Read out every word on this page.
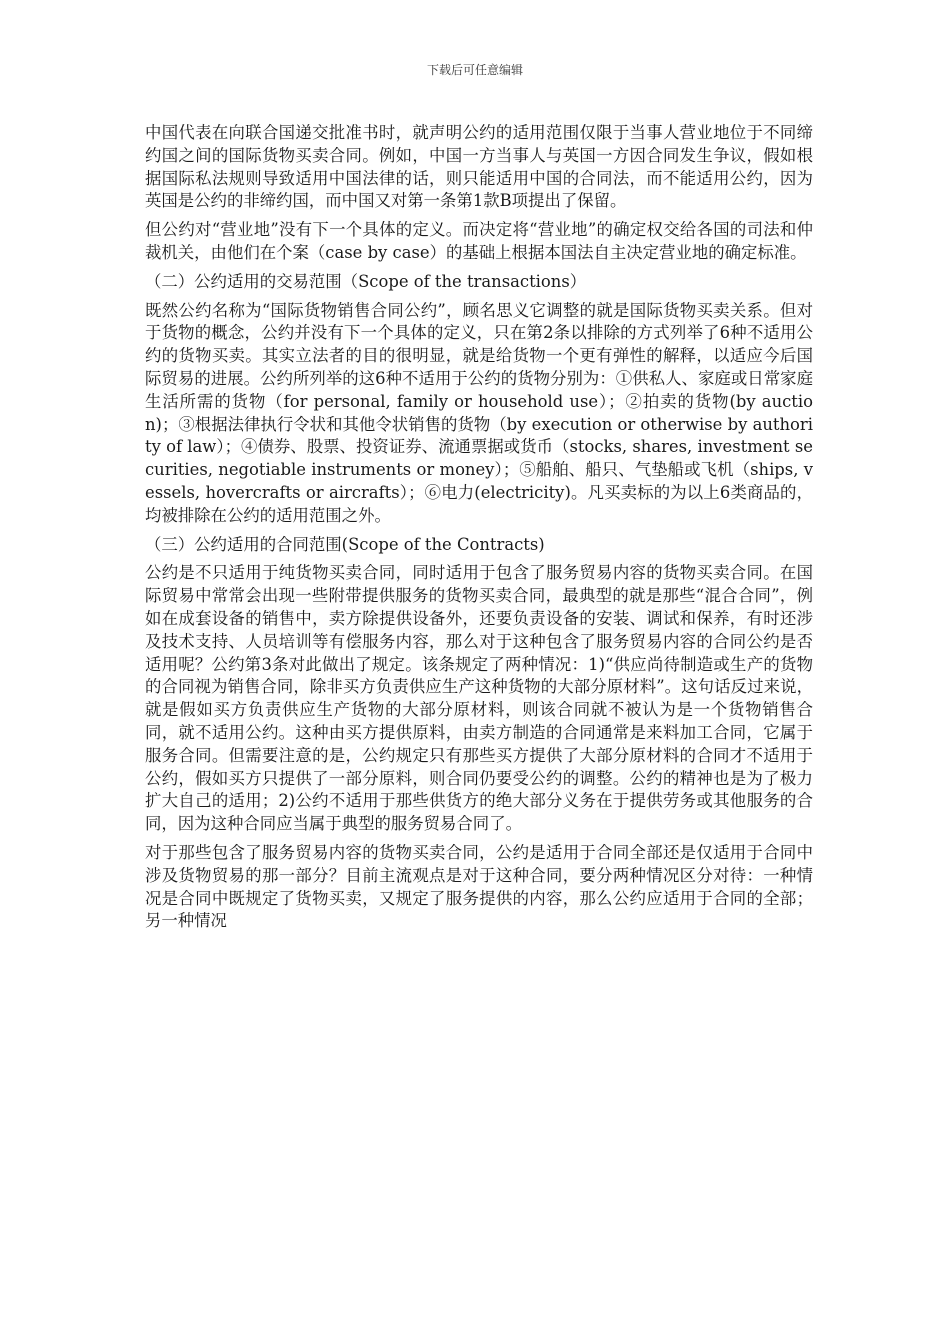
下载后可任意编辑

中国代表在向联合国递交批准书时，就声明公约的适用范围仅限于当事人营业地位于不同缔约国之间的国际货物买卖合同。例如，中国一方当事人与英国一方因合同发生争议，假如根据国际私法规则导致适用中国法律的话，则只能适用中国的合同法，而不能适用公约，因为英国是公约的非缔约国，而中国又对第一条第1款B项提出了保留。

但公约对“营业地”没有下一个具体的定义。而决定将“营业地”的确定权交给各国的司法和仲裁机关，由他们在个案（case by case）的基础上根据本国法自主决定营业地的确定标准。

（二）公约适用的交易范围（Scope of the transactions）

既然公约名称为“国际货物销售合同公约”，顾名思义它调整的就是国际货物买卖关系。但对于货物的概念，公约并没有下一个具体的定义，只在第2条以排除的方式列举了6种不适用公约的货物买卖。其实立法者的目的很明显，就是给货物一个更有弹性的解释，以适应今后国际贸易的进展。公约所列举的这6种不适用于公约的货物分别为：①供私人、家庭或日常家庭生活所需的货物（for personal, family or household use）；②拍卖的货物(by auction)；③根据法律执行令状和其他令状销售的货物（by execution or otherwise by authority of law）；④债券、股票、投资证券、流通票据或货币（stocks, shares, investment securities, negotiable instruments or money）；⑤船舶、船只、气垫船或飞机（ships, vessels, hovercrafts or aircrafts）；⑥电力(electricity)。凡买卖标的为以上6类商品的，均被排除在公约的适用范围之外。

（三）公约适用的合同范围(Scope of the Contracts)

公约是不只适用于纯货物买卖合同，同时适用于包含了服务贸易内容的货物买卖合同。在国际贸易中常常会出现一些附带提供服务的货物买卖合同，最典型的就是那些“混合合同”，例如在成套设备的销售中，卖方除提供设备外，还要负责设备的安装、调试和保养，有时还涉及技术支持、人员培训等有偿服务内容，那么对于这种包含了服务贸易内容的合同公约是否适用呢？公约第3条对此做出了规定。该条规定了两种情况：1)“供应尚待制造或生产的货物的合同视为销售合同，除非买方负责供应生产这种货物的大部分原材料”。这句话反过来说，就是假如买方负责供应生产货物的大部分原材料，则该合同就不被认为是一个货物销售合同，就不适用公约。这种由买方提供原料，由卖方制造的合同通常是来料加工合同，它属于服务合同。但需要注意的是，公约规定只有那些买方提供了大部分原材料的合同才不适用于公约，假如买方只提供了一部分原料，则合同仍要受公约的调整。公约的精神也是为了极力扩大自己的适用；2)公约不适用于那些供货方的绝大部分义务在于提供劳务或其他服务的合同，因为这种合同应当属于典型的服务贸易合同了。

对于那些包含了服务贸易内容的货物买卖合同，公约是适用于合同全部还是仅适用于合同中涉及货物贸易的那一部分？目前主流观点是对于这种合同，要分两种情况区分对待：一种情况是合同中既规定了货物买卖，又规定了服务提供的内容，那么公约应适用于合同的全部；另一种情况
